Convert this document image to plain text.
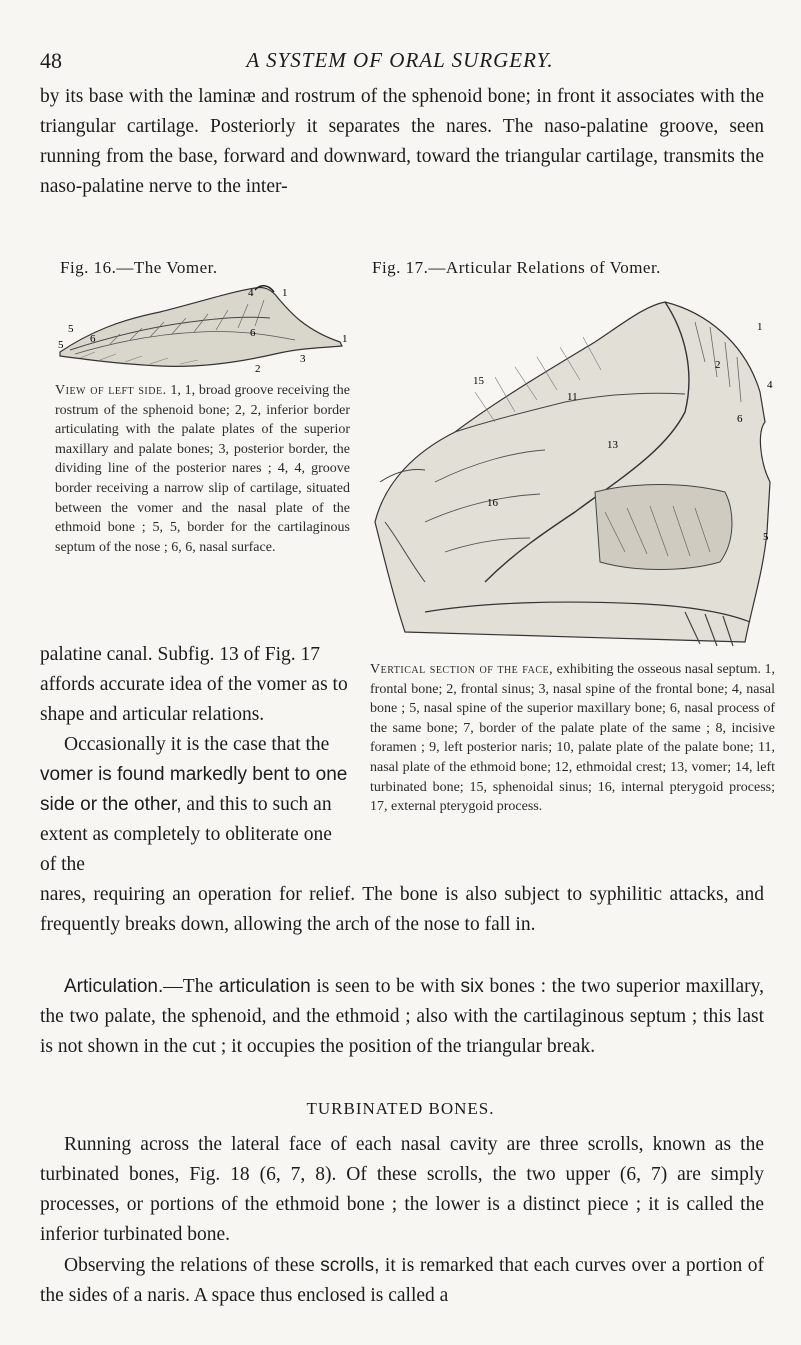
48	A SYSTEM OF ORAL SURGERY.

by its base with the laminæ and rostrum of the sphenoid bone; in front it associates with the triangular cartilage. Posteriorly it separates the nares. The naso-palatine groove, seen running from the base, forward and downward, toward the triangular cartilage, transmits the naso-palatine nerve to the inter-

Fig. 16.—The Vomer.	Fig. 17.—Articular Relations of Vomer.
4	1
5
6	6
5	1
3
2
1
2
4
6
5
15
11
13
16

View of left side. 1, 1, broad groove receiving the rostrum of the sphenoid bone; 2, 2, inferior border articulating with the palate plates of the superior maxillary and palate bones; 3, posterior border, the dividing line of the posterior nares ; 4, 4, groove border receiving a narrow slip of cartilage, situated between the vomer and the nasal plate of the ethmoid bone ; 5, 5, border for the cartilaginous septum of the nose ; 6, 6, nasal surface.

Vertical section of the face, exhibiting the osseous nasal septum. 1, frontal bone; 2, frontal sinus; 3, nasal spine of the frontal bone; 4, nasal bone ; 5, nasal spine of the superior maxillary bone; 6, nasal process of the same bone; 7, border of the palate plate of the same ; 8, incisive foramen ; 9, left posterior naris; 10, palate plate of the palate bone; 11, nasal plate of the ethmoid bone; 12, ethmoidal crest; 13, vomer; 14, left turbinated bone; 15, sphenoidal sinus; 16, internal pterygoid process; 17, external pterygoid process.

palatine canal. Subfig. 13 of Fig. 17 affords accurate idea of the vomer as to shape and articular relations.
Occasionally it is the case that the vomer is found markedly bent to one side or the other, and this to such an extent as completely to obliterate one of the

nares, requiring an operation for relief. The bone is also subject to syphilitic attacks, and frequently breaks down, allowing the arch of the nose to fall in.

Articulation.—The articulation is seen to be with six bones : the two superior maxillary, the two palate, the sphenoid, and the ethmoid ; also with the cartilaginous septum ; this last is not shown in the cut ; it occupies the position of the triangular break.

TURBINATED BONES.

Running across the lateral face of each nasal cavity are three scrolls, known as the turbinated bones, Fig. 18 (6, 7, 8). Of these scrolls, the two upper (6, 7) are simply processes, or portions of the ethmoid bone ; the lower is a distinct piece ; it is called the inferior turbinated bone.

Observing the relations of these scrolls, it is remarked that each curves over a portion of the sides of a naris. A space thus enclosed is called a
